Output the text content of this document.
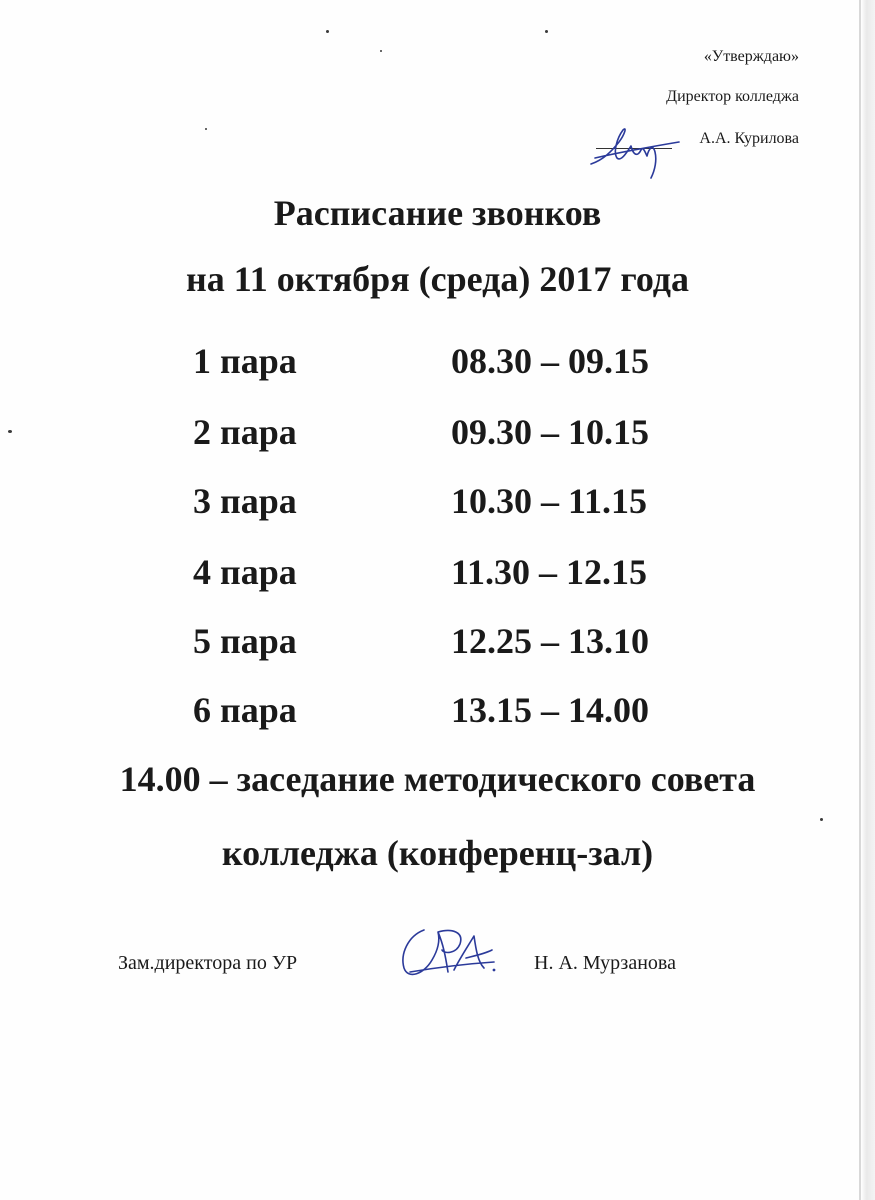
«Утверждаю»
Директор колледжа
А.А. Курилова
Расписание звонков
на 11 октября (среда) 2017 года
1 пара	08.30 – 09.15
2 пара	09.30 – 10.15
3 пара	10.30 – 11.15
4 пара	11.30 – 12.15
5 пара	12.25 – 13.10
6 пара	13.15 – 14.00
14.00 – заседание методического совета
колледжа (конференц-зал)
Зам.директора по УР	Н. А. Мурзанова
